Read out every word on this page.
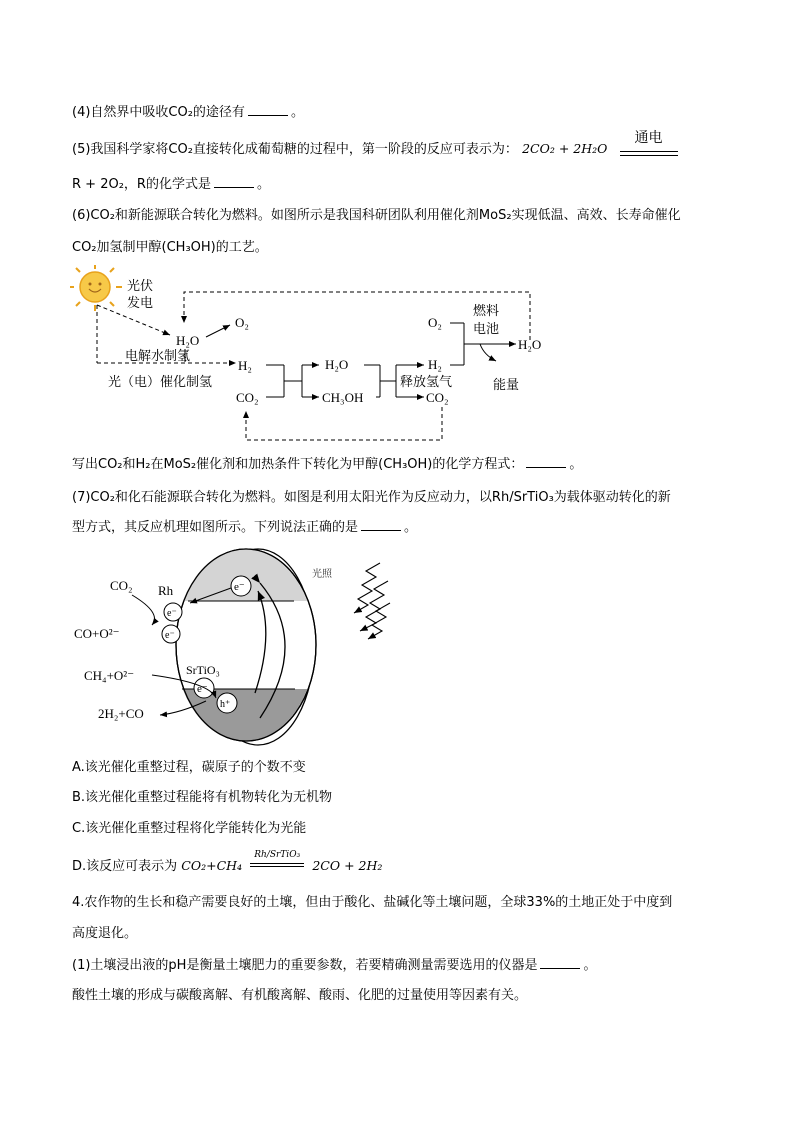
(4)自然界中吸收CO₂的途径有	。
(5)我国科学家将CO₂直接转化成葡萄糖的过程中，第一阶段的反应可表示为： 2CO₂ + 2H₂O
通电

R + 2O₂，R的化学式是	。
(6)CO₂和新能源联合转化为燃料。如图所示是我国科研团队利用催化剂MoS₂实现低温、高效、长寿命催化
CO₂加氢制甲醇(CH₃OH)的工艺。
光伏
发电
H₂O
O₂
电解水制氢
光（电）催化制氢
H₂
CO₂
H₂O
CH₃OH
释放氢气
H₂
CO₂
O₂
燃料
电池
H₂O
能量
写出CO₂和H₂在MoS₂催化剂和加热条件下转化为甲醇(CH₃OH)的化学方程式：	。
(7)CO₂和化石能源联合转化为燃料。如图是利用太阳光作为反应动力，以Rh/SrTiO₃为载体驱动转化的新
型方式，其反应机理如图所示。下列说法正确的是	。
e⁻
e⁻
e⁻
Rh
CO₂
CO+O²⁻
SrTiO₃
e⁻
h⁺
CH₄+O²⁻
2H₂+CO
光照
A.该光催化重整过程，碳原子的个数不变
B.该光催化重整过程能将有机物转化为无机物
C.该光催化重整过程将化学能转化为光能
D.该反应可表示为 CO₂+CH₄
Rh/SrTiO₃
2CO + 2H₂
4.农作物的生长和稳产需要良好的土壤，但由于酸化、盐碱化等土壤问题，全球33%的土地正处于中度到
高度退化。
(1)土壤浸出液的pH是衡量土壤肥力的重要参数，若要精确测量需要选用的仪器是	。
酸性土壤的形成与碳酸离解、有机酸离解、酸雨、化肥的过量使用等因素有关。
